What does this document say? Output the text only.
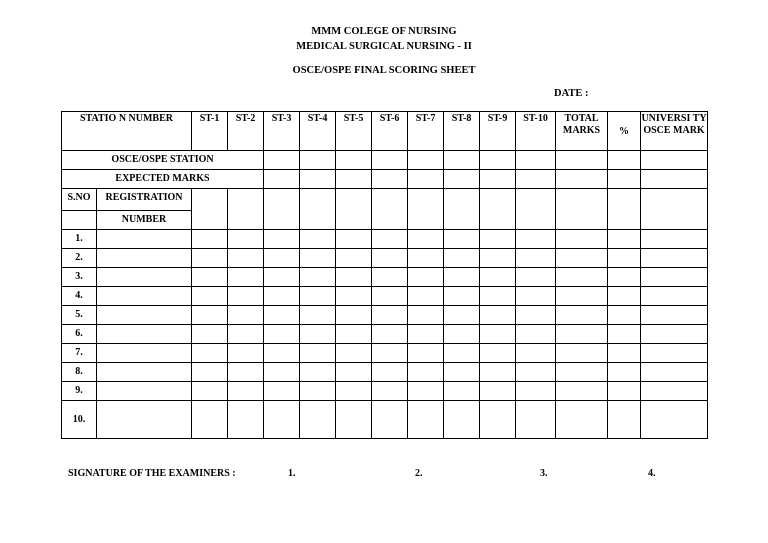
MMM COLEGE OF NURSING
MEDICAL SURGICAL NURSING - II
OSCE/OSPE FINAL SCORING SHEET
DATE :
STATIO N NUMBER		ST-1	ST-2	ST-3	ST-4	ST-5	ST-6	ST-7	ST-8	ST-9	ST-10	TOTAL MARKS	%	UNIVERSI TY OSCE MARK
OSCE/OSPE STATION														
EXPECTED MARKS														
S.NO	REGISTRATION													
	NUMBER													
1.														
2.														
3.														
4.														
5.														
6.														
7.														
8.														
9.														
10.														
SIGNATURE OF THE EXAMINERS :	1.	2.	3.	4.
